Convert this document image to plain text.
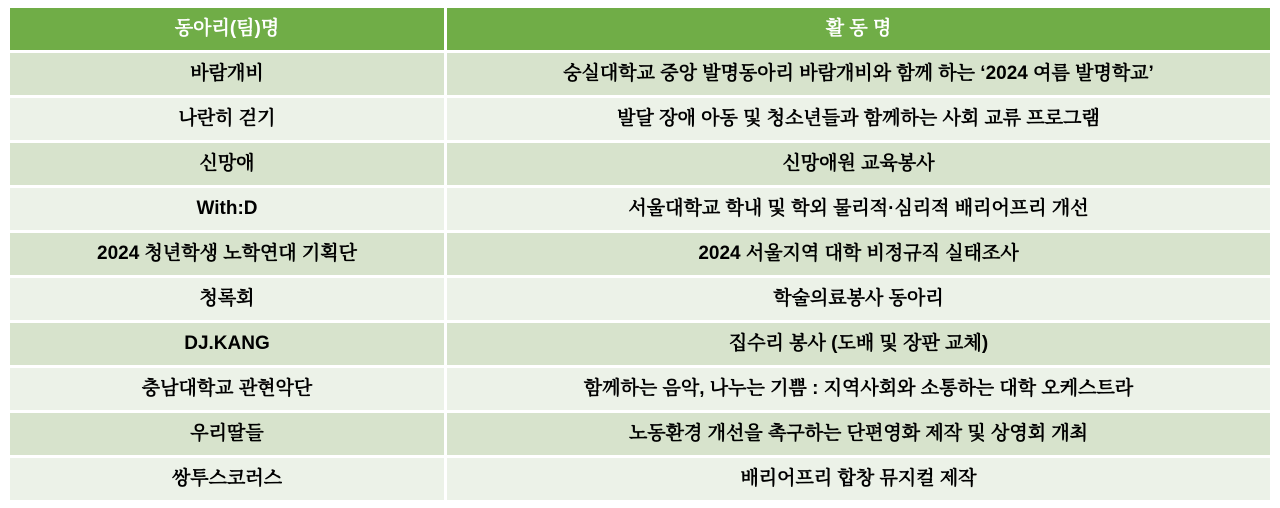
동아리(팀)명	활 동 명
바람개비	숭실대학교 중앙 발명동아리 바람개비와 함께 하는 ‘2024 여름 발명학교’
나란히 걷기	발달 장애 아동 및 청소년들과 함께하는 사회 교류 프로그램
신망애	신망애원 교육봉사
With:D	서울대학교 학내 및 학외 물리적·심리적 배리어프리 개선
2024 청년학생 노학연대 기획단	2024 서울지역 대학 비정규직 실태조사
청록회	학술의료봉사 동아리
DJ.KANG	집수리 봉사 (도배 및 장판 교체)
충남대학교 관현악단	함께하는 음악, 나누는 기쁨 : 지역사회와 소통하는 대학 오케스트라
우리딸들	노동환경 개선을 촉구하는 단편영화 제작 및 상영회 개최
쌍투스코러스	배리어프리 합창 뮤지컬 제작
